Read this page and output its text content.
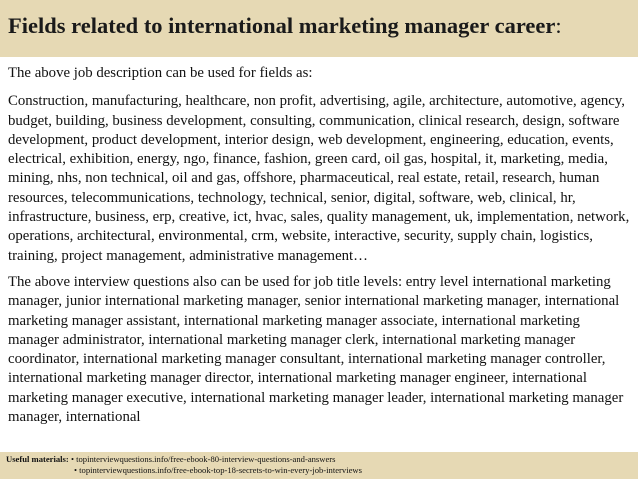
Fields related to international marketing manager career:

The above job description can be used for fields as:

Construction, manufacturing, healthcare, non profit, advertising, agile, architecture, automotive, agency, budget, building, business development, consulting, communication, clinical research, design, software development, product development, interior design, web development, engineering, education, events, electrical, exhibition, energy, ngo, finance, fashion, green card, oil gas, hospital, it, marketing, media, mining, nhs, non technical, oil and gas, offshore, pharmaceutical, real estate, retail, research, human resources, telecommunications, technology, technical, senior, digital, software, web, clinical, hr, infrastructure, business, erp, creative, ict, hvac, sales, quality management, uk, implementation, network, operations, architectural, environmental, crm, website, interactive, security, supply chain, logistics, training, project management, administrative management…

The above interview questions also can be used for job title levels: entry level international marketing manager, junior international marketing manager, senior international marketing manager, international marketing manager assistant, international marketing manager associate, international marketing manager administrator, international marketing manager clerk, international marketing manager coordinator, international marketing manager consultant, international marketing manager controller, international marketing manager director, international marketing manager engineer, international marketing manager executive, international marketing manager leader, international marketing manager manager, international

Useful materials: • topinterviewquestions.info/free-ebook-80-interview-questions-and-answers
• topinterviewquestions.info/free-ebook-top-18-secrets-to-win-every-job-interviews
